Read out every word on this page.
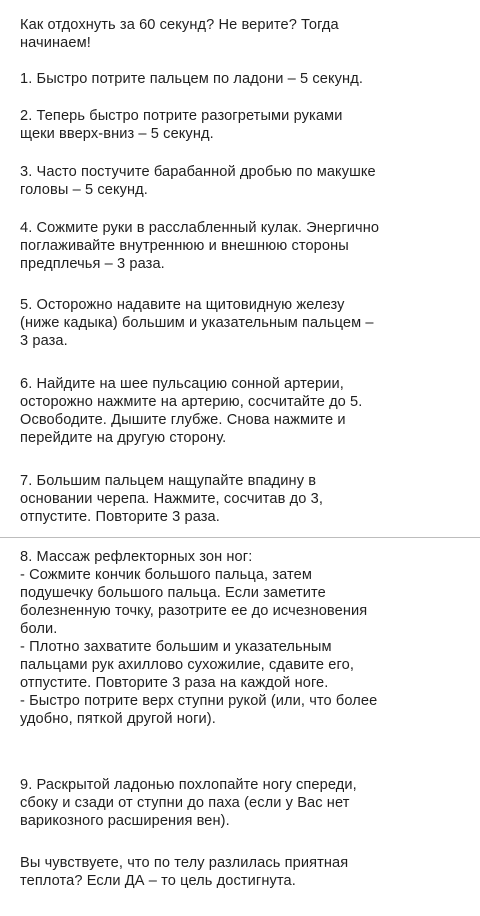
Как отдохнуть за 60 секунд? Не верите? Тогда
начинаем!

1. Быстро потрите пальцем по ладони – 5 секунд.

2. Теперь быстро потрите разогретыми руками
щеки вверх-вниз – 5 секунд.

3. Часто постучите барабанной дробью по макушке
головы – 5 секунд.

4. Сожмите руки в расслабленный кулак. Энергично
поглаживайте внутреннюю и внешнюю стороны
предплечья – 3 раза.

5. Осторожно надавите на щитовидную железу
(ниже кадыка) большим и указательным пальцем –
3 раза.

6. Найдите на шее пульсацию сонной артерии,
осторожно нажмите на артерию, сосчитайте до 5.
Освободите. Дышите глубже. Снова нажмите и
перейдите на другую сторону.

7. Большим пальцем нащупайте впадину в
основании черепа. Нажмите, сосчитав до 3,
отпустите. Повторите 3 раза.

8. Массаж рефлекторных зон ног:
- Сожмите кончик большого пальца, затем
подушечку большого пальца. Если заметите
болезненную точку, разотрите ее до исчезновения
боли.
- Плотно захватите большим и указательным
пальцами рук ахиллово сухожилие, сдавите его,
отпустите. Повторите 3 раза на каждой ноге.
- Быстро потрите верх ступни рукой (или, что более
удобно, пяткой другой ноги).

9. Раскрытой ладонью похлопайте ногу спереди,
сбоку и сзади от ступни до паха (если у Вас нет
варикозного расширения вен).

Вы чувствуете, что по телу разлилась приятная
теплота? Если ДА – то цель достигнута.
